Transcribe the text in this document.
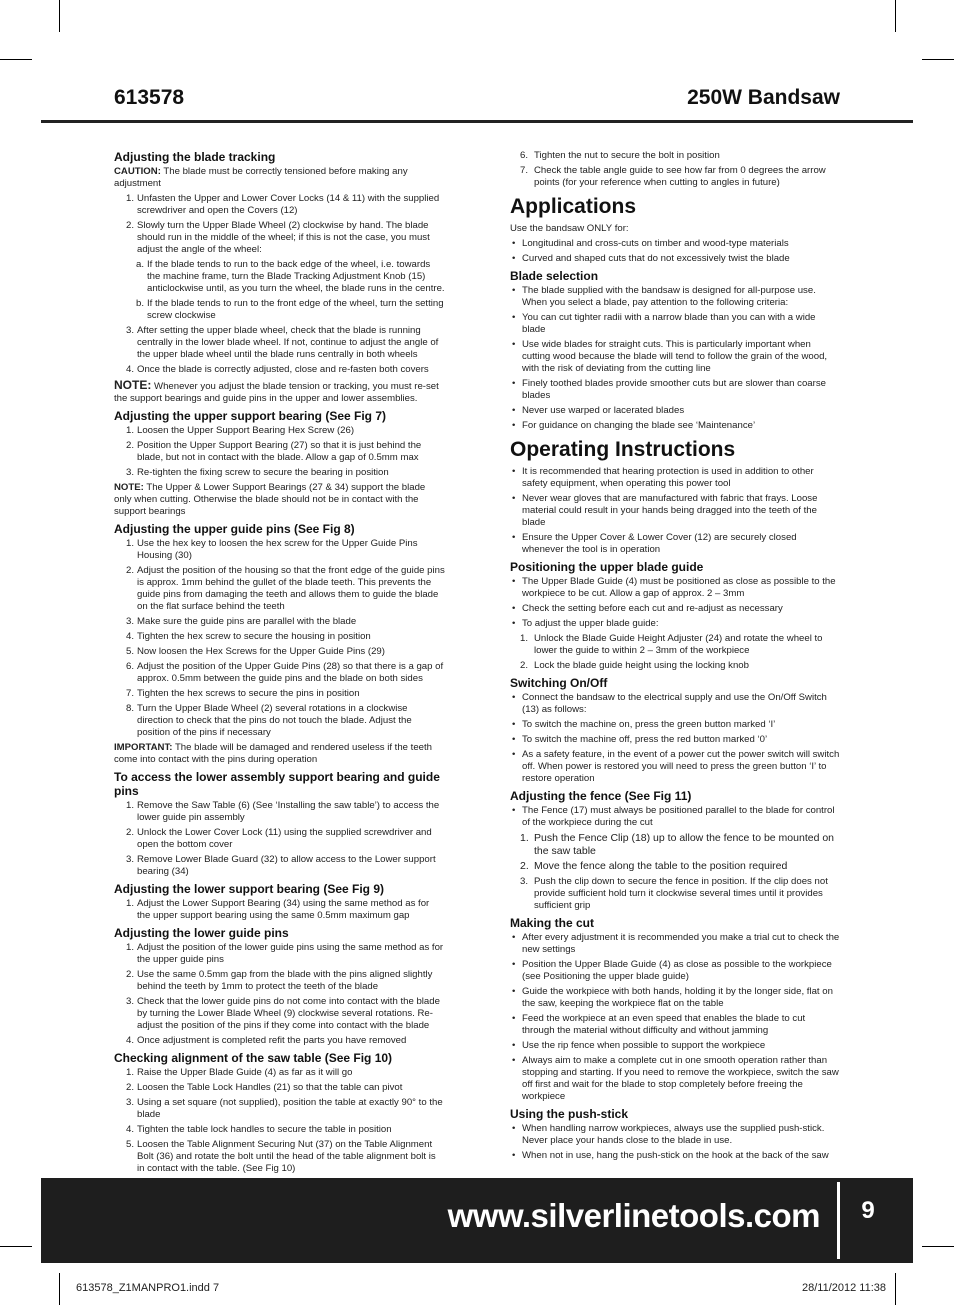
613578	250W Bandsaw
Adjusting the blade tracking
CAUTION: The blade must be correctly tensioned before making any adjustment
1. Unfasten the Upper and Lower Cover Locks (14 & 11) with the supplied screwdriver and open the Covers (12)
2. Slowly turn the Upper Blade Wheel (2) clockwise by hand. The blade should run in the middle of the wheel; if this is not the case, you must adjust the angle of the wheel:
a. If the blade tends to run to the back edge of the wheel, i.e. towards the machine frame, turn the Blade Tracking Adjustment Knob (15) anticlockwise until, as you turn the wheel, the blade runs in the centre.
b. If the blade tends to run to the front edge of the wheel, turn the setting screw clockwise
3. After setting the upper blade wheel, check that the blade is running centrally in the lower blade wheel. If not, continue to adjust the angle of the upper blade wheel until the blade runs centrally in both wheels
4. Once the blade is correctly adjusted, close and re-fasten both covers
NOTE: Whenever you adjust the blade tension or tracking, you must re-set the support bearings and guide pins in the upper and lower assemblies.
Adjusting the upper support bearing (See Fig 7)
1. Loosen the Upper Support Bearing Hex Screw (26)
2. Position the Upper Support Bearing (27) so that it is just behind the blade, but not in contact with the blade. Allow a gap of 0.5mm max
3. Re-tighten the fixing screw to secure the bearing in position
NOTE: The Upper & Lower Support Bearings (27 & 34) support the blade only when cutting. Otherwise the blade should not be in contact with the support bearings
Adjusting the upper guide pins (See Fig 8)
1. Use the hex key to loosen the hex screw for the Upper Guide Pins Housing (30)
2. Adjust the position of the housing so that the front edge of the guide pins is approx. 1mm behind the gullet of the blade teeth. This prevents the guide pins from damaging the teeth and allows them to guide the blade on the flat surface behind the teeth
3. Make sure the guide pins are parallel with the blade
4. Tighten the hex screw to secure the housing in position
5. Now loosen the Hex Screws for the Upper Guide Pins (29)
6. Adjust the position of the Upper Guide Pins (28) so that there is a gap of approx. 0.5mm between the guide pins and the blade on both sides
7. Tighten the hex screws to secure the pins in position
8. Turn the Upper Blade Wheel (2) several rotations in a clockwise direction to check that the pins do not touch the blade. Adjust the position of the pins if necessary
IMPORTANT: The blade will be damaged and rendered useless if the teeth come into contact with the pins during operation
To access the lower assembly support bearing and guide pins
1. Remove the Saw Table (6) (See ‘Installing the saw table’) to access the lower guide pin assembly
2. Unlock the Lower Cover Lock (11) using the supplied screwdriver and open the bottom cover
3. Remove Lower Blade Guard (32) to allow access to the Lower support bearing (34)
Adjusting the lower support bearing (See Fig 9)
1. Adjust the Lower Support Bearing (34) using the same method as for the upper support bearing using the same 0.5mm maximum gap
Adjusting the lower guide pins
1. Adjust the position of the lower guide pins using the same method as for the upper guide pins
2. Use the same 0.5mm gap from the blade with the pins aligned slightly behind the teeth by 1mm to protect the teeth of the blade
3. Check that the lower guide pins do not come into contact with the blade by turning the Lower Blade Wheel (9) clockwise several rotations. Re-adjust the position of the pins if they come into contact with the blade
4. Once adjustment is completed refit the parts you have removed
Checking alignment of the saw table (See Fig 10)
1. Raise the Upper Blade Guide (4) as far as it will go
2. Loosen the Table Lock Handles (21) so that the table can pivot
3. Using a set square (not supplied), position the table at exactly 90° to the blade
4. Tighten the table lock handles to secure the table in position
5. Loosen the Table Alignment Securing Nut (37) on the Table Alignment Bolt (36) and rotate the bolt until the head of the table alignment bolt is in contact with the table. (See Fig 10)
6. Tighten the nut to secure the bolt in position
7. Check the table angle guide to see how far from 0 degrees the arrow points (for your reference when cutting to angles in future)
Applications
Use the bandsaw ONLY for:
• Longitudinal and cross-cuts on timber and wood-type materials
• Curved and shaped cuts that do not excessively twist the blade
Blade selection
• The blade supplied with the bandsaw is designed for all-purpose use. When you select a blade, pay attention to the following criteria:
• You can cut tighter radii with a narrow blade than you can with a wide blade
• Use wide blades for straight cuts. This is particularly important when cutting wood because the blade will tend to follow the grain of the wood, with the risk of deviating from the cutting line
• Finely toothed blades provide smoother cuts but are slower than coarse blades
• Never use warped or lacerated blades
• For guidance on changing the blade see ‘Maintenance’
Operating Instructions
• It is recommended that hearing protection is used in addition to other safety equipment, when operating this power tool
• Never wear gloves that are manufactured with fabric that frays. Loose material could result in your hands being dragged into the teeth of the blade
• Ensure the Upper Cover & Lower Cover (12) are securely closed whenever the tool is in operation
Positioning the upper blade guide
• The Upper Blade Guide (4) must be positioned as close as possible to the workpiece to be cut. Allow a gap of approx. 2 – 3mm
• Check the setting before each cut and re-adjust as necessary
• To adjust the upper blade guide:
1. Unlock the Blade Guide Height Adjuster (24) and rotate the wheel to lower the guide to within 2 – 3mm of the workpiece
2. Lock the blade guide height using the locking knob
Switching On/Off
• Connect the bandsaw to the electrical supply and use the On/Off Switch (13) as follows:
• To switch the machine on, press the green button marked ‘I’
• To switch the machine off, press the red button marked ‘0’
• As a safety feature, in the event of a power cut the power switch will switch off. When power is restored you will need to press the green button ‘I’ to restore operation
Adjusting the fence (See Fig 11)
• The Fence (17) must always be positioned parallel to the blade for control of the workpiece during the cut
1. Push the Fence Clip (18) up to allow the fence to be mounted on the saw table
2. Move the fence along the table to the position required
3. Push the clip down to secure the fence in position. If the clip does not provide sufficient hold turn it clockwise several times until it provides sufficient grip
Making the cut
• After every adjustment it is recommended you make a trial cut to check the new settings
• Position the Upper Blade Guide (4) as close as possible to the workpiece (see Positioning the upper blade guide)
• Guide the workpiece with both hands, holding it by the longer side, flat on the saw, keeping the workpiece flat on the table
• Feed the workpiece at an even speed that enables the blade to cut through the material without difficulty and without jamming
• Use the rip fence when possible to support the workpiece
• Always aim to make a complete cut in one smooth operation rather than stopping and starting. If you need to remove the workpiece, switch the saw off first and wait for the blade to stop completely before freeing the workpiece
Using the push-stick
• When handling narrow workpieces, always use the supplied push-stick. Never place your hands close to the blade in use.
• When not in use, hang the push-stick on the hook at the back of the saw
www.silverlinetools.com	9
613578_Z1MANPRO1.indd 7	28/11/2012 11:38
